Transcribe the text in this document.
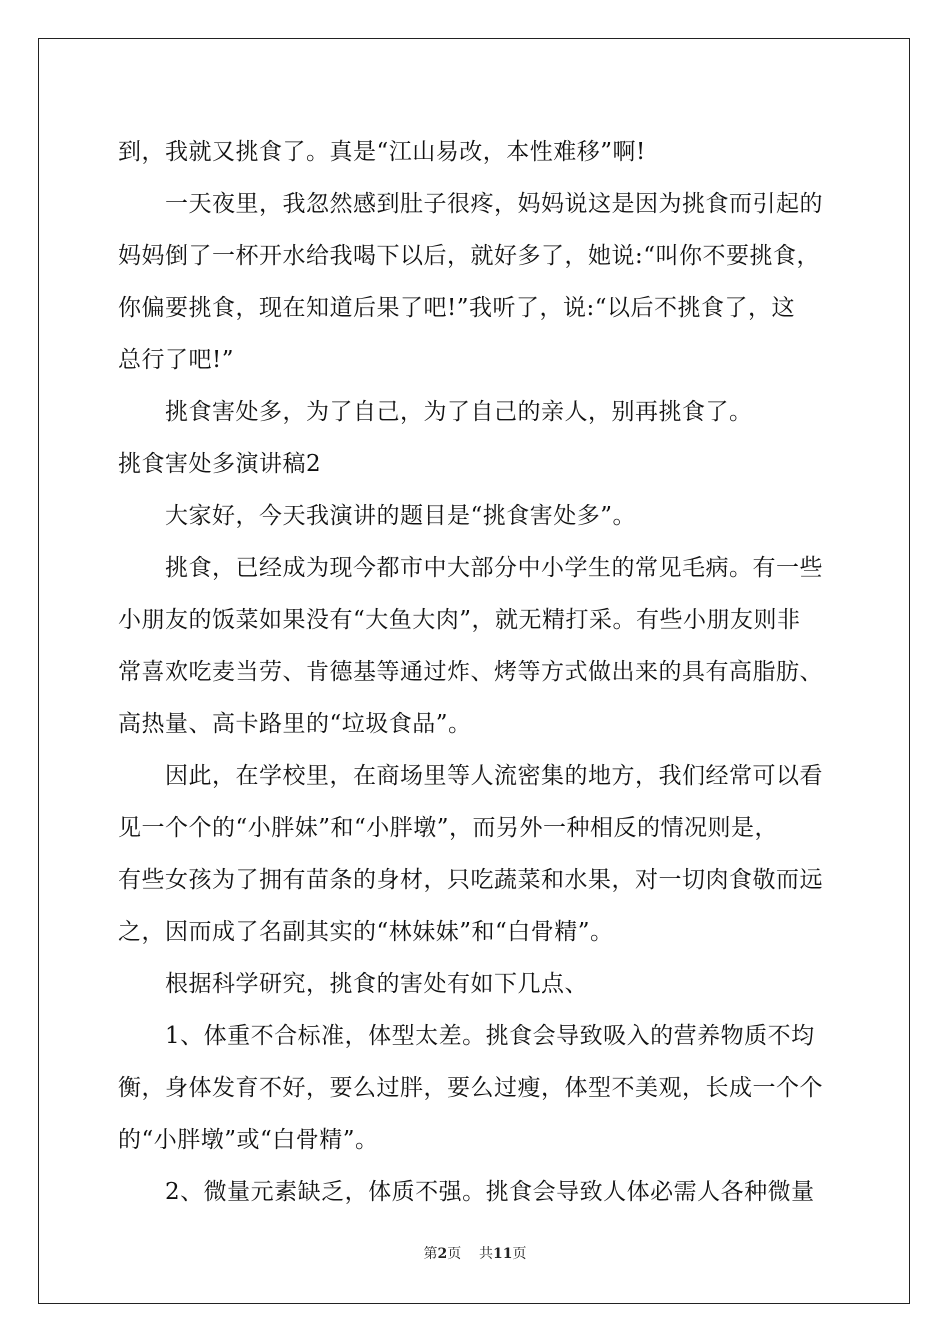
到，我就又挑食了。真是“江山易改，本性难移”啊!
一天夜里，我忽然感到肚子很疼，妈妈说这是因为挑食而引起的
妈妈倒了一杯开水给我喝下以后，就好多了，她说:“叫你不要挑食，
你偏要挑食，现在知道后果了吧!”我听了，说:“以后不挑食了，这
总行了吧!”
挑食害处多，为了自己，为了自己的亲人，别再挑食了。
挑食害处多演讲稿2
大家好，今天我演讲的题目是“挑食害处多”。
挑食，已经成为现今都市中大部分中小学生的常见毛病。有一些
小朋友的饭菜如果没有“大鱼大肉”，就无精打采。有些小朋友则非
常喜欢吃麦当劳、肯德基等通过炸、烤等方式做出来的具有高脂肪、
高热量、高卡路里的“垃圾食品”。
因此，在学校里，在商场里等人流密集的地方，我们经常可以看
见一个个的“小胖妹”和“小胖墩”，而另外一种相反的情况则是，
有些女孩为了拥有苗条的身材，只吃蔬菜和水果，对一切肉食敬而远
之，因而成了名副其实的“林妹妹”和“白骨精”。
根据科学研究，挑食的害处有如下几点、
1、体重不合标准，体型太差。挑食会导致吸入的营养物质不均
衡，身体发育不好，要么过胖，要么过瘦，体型不美观，长成一个个
的“小胖墩”或“白骨精”。
2、微量元素缺乏，体质不强。挑食会导致人体必需人各种微量
第2页 共11页
